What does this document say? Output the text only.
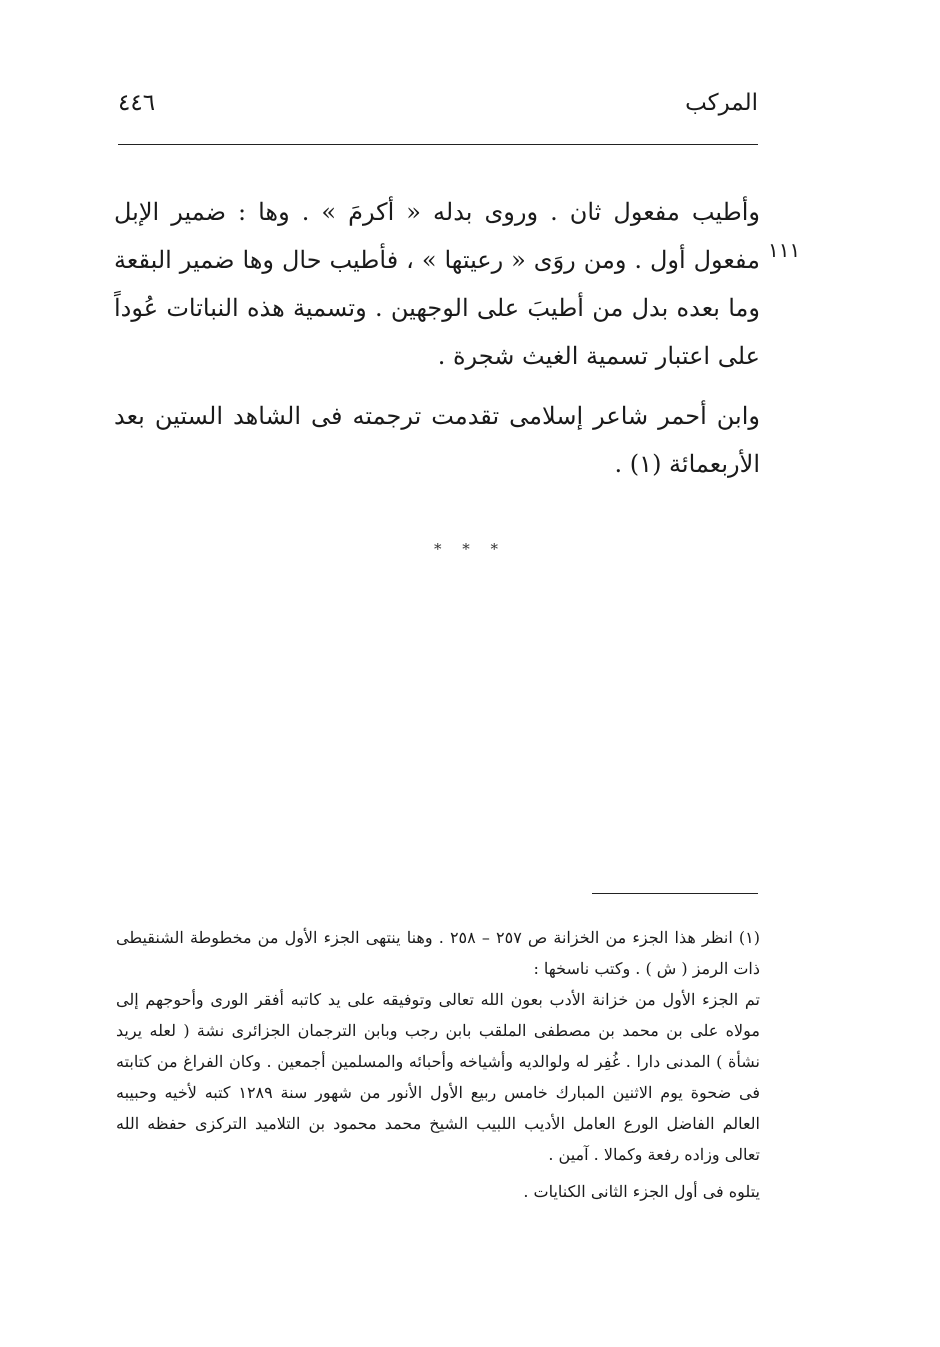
٤٤٦	المركب
١١١

وأطيب مفعول ثان . وروى بدله « أكرمَ » . وها : ضمير الإبل مفعول أول . ومن روَى « رعيتها » ، فأطيب حال وها ضمير البقعة وما بعده بدل من أطيبَ على الوجهين . وتسمية هذه النباتات عُوداً على اعتبار تسمية الغيث شجرة .

وابن أحمر شاعر إسلامى تقدمت ترجمته فى الشاهد الستين بعد الأربعمائة (١) .

* * *

(١) انظر هذا الجزء من الخزانة ص ٢٥٧ – ٢٥٨ . وهنا ينتهى الجزء الأول من مخطوطة الشنقيطى ذات الرمز ( ش ) . وكتب ناسخها :

تم الجزء الأول من خزانة الأدب بعون الله تعالى وتوفيقه على يد كاتبه أفقر الورى وأحوجهم إلى مولاه على بن محمد بن مصطفى الملقب بابن رجب وبابن الترجمان الجزائرى نشة ( لعله يريد نشأة ) المدنى دارا . غُفِر له ولوالديه وأشياخه وأحبائه والمسلمين أجمعين . وكان الفراغ من كتابته فى ضحوة يوم الاثنين المبارك خامس ربيع الأول الأنور من شهور سنة ١٢٨٩ كتبه لأخيه وحبيبه العالم الفاضل الورع العامل الأديب اللبيب الشيخ محمد محمود بن التلاميد التركزى حفظه الله تعالى وزاده رفعة وكمالا . آمين .

يتلوه فى أول الجزء الثانى الكنايات .
